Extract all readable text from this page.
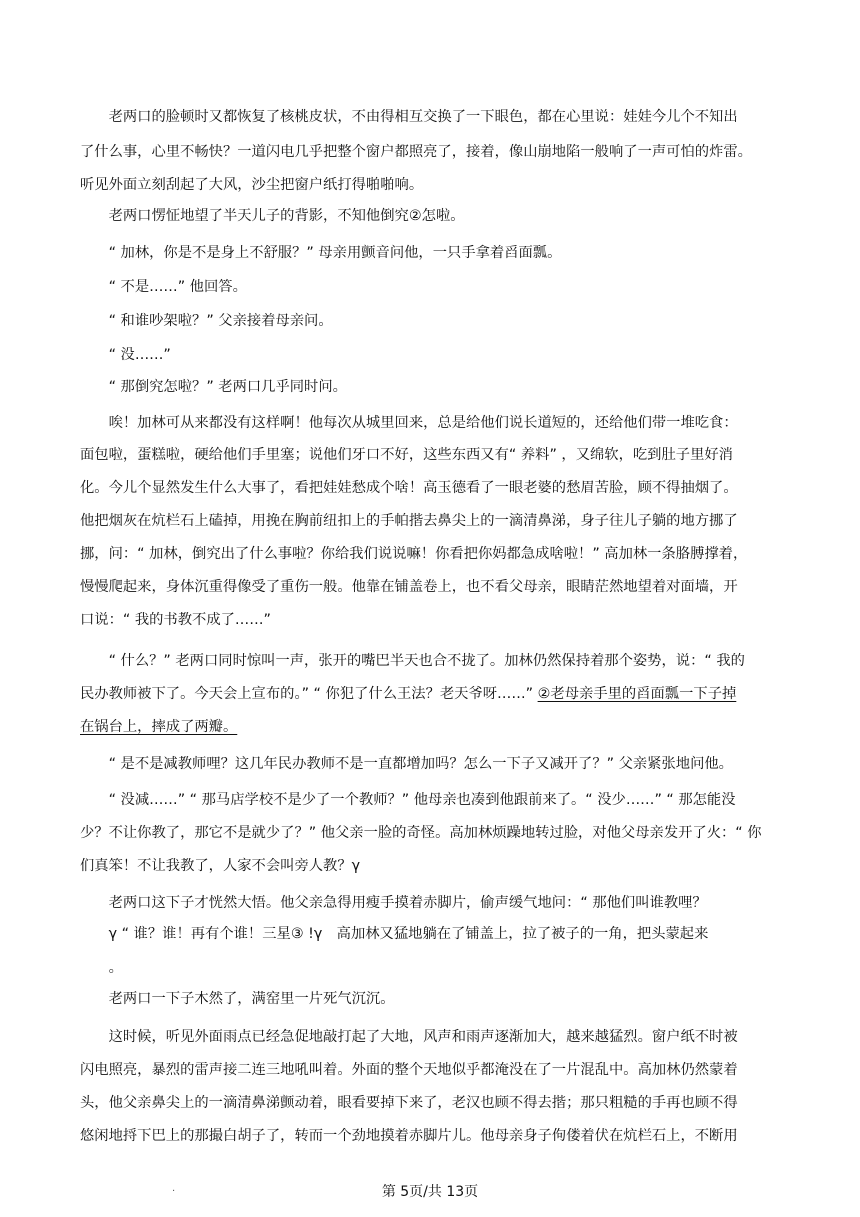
　　老两口的脸顿时又都恢复了核桃皮状，不由得相互交换了一下眼色，都在心里说：娃娃今儿个不知出
了什么事，心里不畅快？一道闪电几乎把整个窗户都照亮了，接着，像山崩地陷一般响了一声可怕的炸雷。
听见外面立刻刮起了大风，沙尘把窗户纸打得啪啪响。
　　老两口愣怔地望了半天儿子的背影，不知他倒究②怎啦。
　　“ 加林，你是不是身上不舒服？” 母亲用颤音问他，一只手拿着舀面瓢。
　　“ 不是……” 他回答。
　　“ 和谁吵架啦？” 父亲接着母亲问。
　　“ 没……”
　　“ 那倒究怎啦？” 老两口几乎同时问。
　　唉！加林可从来都没有这样啊！他每次从城里回来，总是给他们说长道短的，还给他们带一堆吃食：
面包啦，蛋糕啦，硬给他们手里塞；说他们牙口不好，这些东西又有“ 养料” ，又绵软，吃到肚子里好消
化。今儿个显然发生什么大事了，看把娃娃愁成个啥！高玉德看了一眼老婆的愁眉苦脸，顾不得抽烟了。
他把烟灰在炕栏石上磕掉，用挽在胸前纽扣上的手帕揩去鼻尖上的一滴清鼻涕，身子往儿子躺的地方挪了
挪，问：“ 加林，倒究出了什么事啦？你给我们说说嘛！你看把你妈都急成啥啦！” 高加林一条胳膊撑着，
慢慢爬起来，身体沉重得像受了重伤一般。他靠在铺盖卷上，也不看父母亲，眼睛茫然地望着对面墙，开
口说：“ 我的书教不成了……”
　　“ 什么？” 老两口同时惊叫一声，张开的嘴巴半天也合不拢了。加林仍然保持着那个姿势，说：“ 我的
民办教师被下了。今天会上宣布的。” “ 你犯了什么王法？老天爷呀……” ②老母亲手里的舀面瓢一下子掉
在锅台上，摔成了两瓣。
　　“ 是不是减教师哩？这几年民办教师不是一直都增加吗？怎么一下子又减开了？” 父亲紧张地问他。
　　“ 没减……” “ 那马店学校不是少了一个教师？” 他母亲也凑到他跟前来了。“ 没少……” “ 那怎能没
少？不让你教了，那它不是就少了？” 他父亲一脸的奇怪。高加林烦躁地转过脸，对他父母亲发开了火：“ 你
们真笨！不让我教了，人家不会叫旁人教？γ
　　老两口这下子才恍然大悟。他父亲急得用瘦手摸着赤脚片，偷声缓气地问：“ 那他们叫谁教哩？
　　γ “ 谁？谁！再有个谁！三星③ !γ　高加林又猛地躺在了铺盖上，拉了被子的一角，把头蒙起来
　　。
　　老两口一下子木然了，满窑里一片死气沉沉。
　　这时候，听见外面雨点已经急促地敲打起了大地，风声和雨声逐渐加大，越来越猛烈。窗户纸不时被
闪电照亮，暴烈的雷声接二连三地吼叫着。外面的整个天地似乎都淹没在了一片混乱中。高加林仍然蒙着
头，他父亲鼻尖上的一滴清鼻涕颤动着，眼看要掉下来了，老汉也顾不得去揩；那只粗糙的手再也顾不得
悠闲地捋下巴上的那撮白胡子了，转而一个劲地摸着赤脚片儿。他母亲身子佝偻着伏在炕栏石上，不断用
.	第 5页/共 13页
